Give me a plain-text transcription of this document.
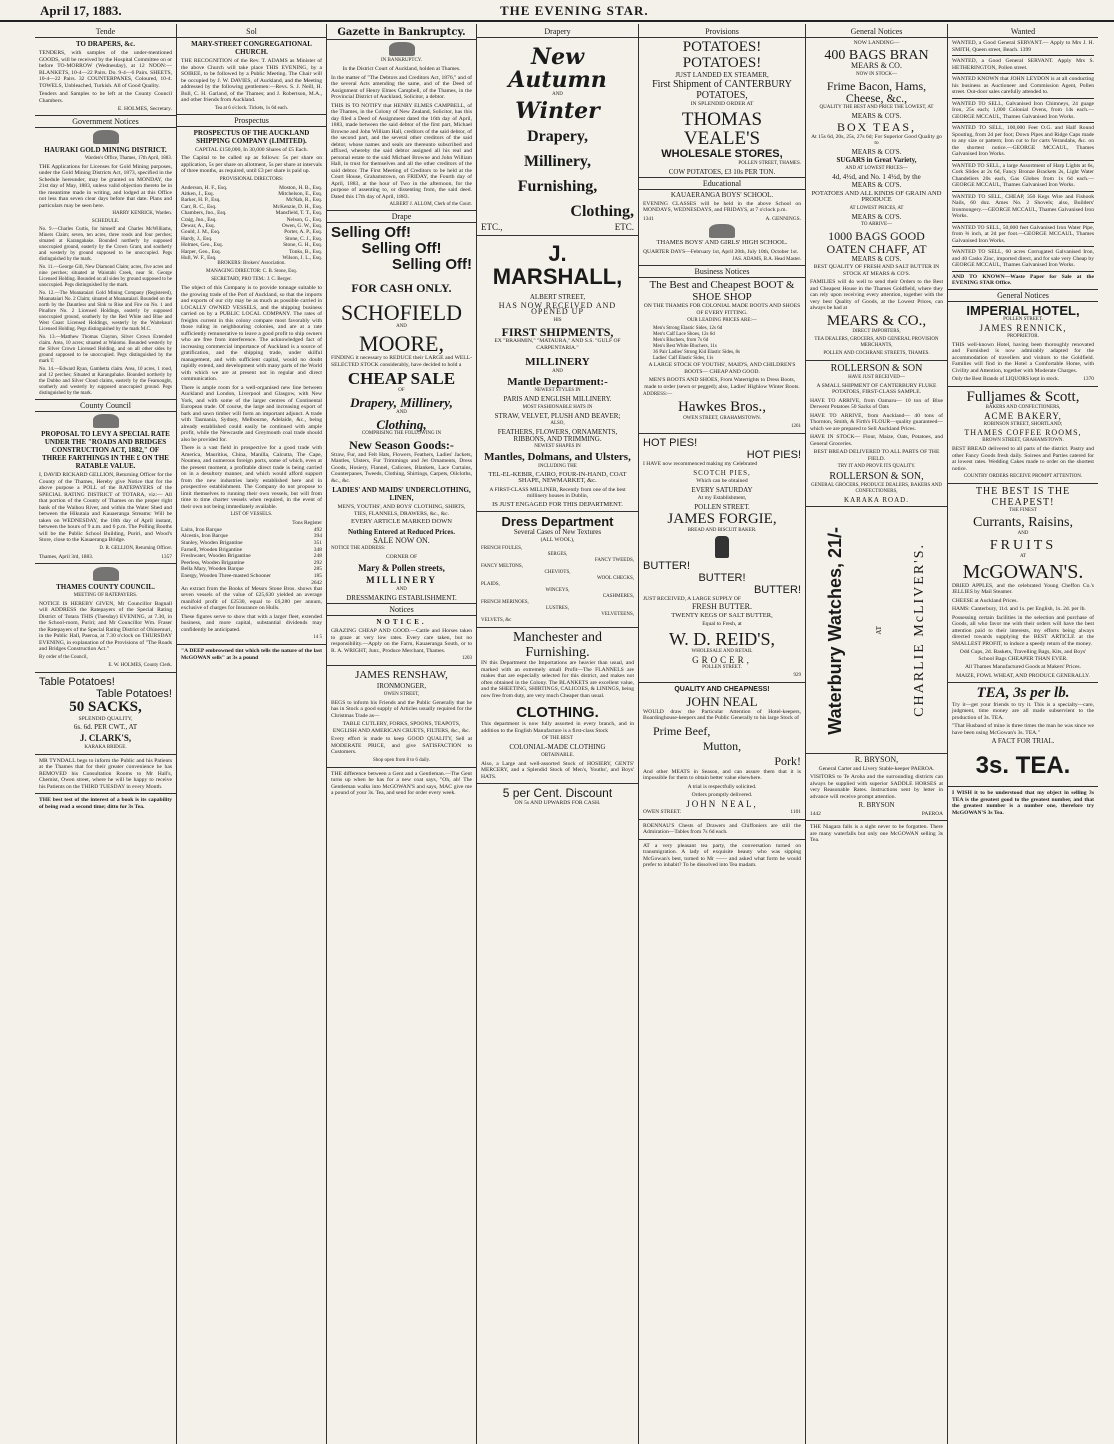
April 17, 1883.	THE EVENING STAR.
Tende
TO DRAPERS, &c.
TENDERS, with samples of the under-mentioned GOODS, will be received by the Hospital Committee on or before TO-MORROW (Wednesday), at 12 NOON:— BLANKETS, 10-4—22 Pairs. Do. 9-4—6 Pairs. SHEETS, 10-4—22 Pairs. 32 COUNTERPANES, Coloured, 10-4. TOWELS, Unbleached, Turkish. All of Good Quality.
Tenders and Samples to be left at the County Council Chambers.
E. HOLMES, Secretary.
Government Notices
HAURAKI GOLD MINING DISTRICT.
Warden's Office, Thames, 17th April, 1883.
THE Applications for Licenses for Gold Mining purposes, under the Gold Mining Districts Act, 1873, specified in the Schedule hereunder, may be granted on MONDAY, the 21st day of May, 1883, unless valid objection thereto be in the meantime made in writing, and lodged at this Office not less than seven clear days before that date. Plans and particulars may be seen here.
HARRY KENRICK, Warden.
SCHEDULE.
No. 9.—Charles Curtis, for himself and Charles McWilliams, Miners Claim; seven, ten acres, three roods and four perches; situated at Karangahake. Bounded northerly by supposed unoccupied ground, easterly by the Crown Grant, and southerly and westerly by ground supposed to be unoccupied. Pegs distinguished by the mark.
No. 11.—George Gill, New Diamond Claim; acres, five acres and nine perches; situated at Waiotahi Creek, near St. George Licensed Holding. Bounded on all sides by ground supposed to be unoccupied. Pegs distinguished by the mark.
No. 12.—The Moanataiari Gold Mining Company (Registered), Moanataiari No. 2 Claim; situated at Moanataiari. Bounded on the north by the Dauntless and Sink to Rise and Fire on No. 1 and Pinafore No. 2 Licensed Holdings, easterly by supposed unoccupied ground, southerly by the Red White and Blue and West Coast Licensed Holdings, westerly by the Waitekauri Licensed Holding. Pegs distinguished by the mark M.C.
No. 13.—Matthew Thomas Clayton, Silver Crown Extended claim. Area, 10 acres; situated at Waiomo. Bounded westerly by the Silver Crown Licensed Holding, and on all other sides by ground supposed to be unoccupied. Pegs distinguished by the mark T.
No. 14.—Edward Ryan, Gambetta claim. Area, 10 acres, 1 rood, and 12 perches; Situated at Karangahake. Bounded northerly by the Dubbo and Silver Cloud claims, easterly by the Fearnought, southerly and westerly by supposed unoccupied ground. Pegs distinguished by the mark.
County Council
PROPOSAL TO LEVY A SPECIAL RATE UNDER THE "ROADS AND BRIDGES CONSTRUCTION ACT, 1882," OF THREE FARTHINGS IN THE £ ON THE RATABLE VALUE.
I, DAVID RICKARD GELLION, Returning Officer for the County of the Thames, Hereby give Notice that for the above purpose a POLL of the RATEPAYERS of the SPECIAL RATING DISTRICT of TOTARA, viz:— All that portion of the County of Thames on the proper right bank of the Waihou River, and within the Water Shed and between the Hikutaia and Kauaeranga Streams: Will be taken on WEDNESDAY, the 18th day of April instant, between the hours of 9 a.m. and 6 p.m. The Polling Booths will be the Public School Building, Puriri, and Wood's Store, close to the Kauaeranga Bridge.
D. R. GELLION, Returning Officer.
Thames, April 3rd, 1883.	1357
THAMES COUNTY COUNCIL.
MEETING OF RATEPAYERS.
NOTICE IS HEREBY GIVEN, Mr Councillor Bagnall will ADDRESS the Ratepayers of the Special Rating District of Totara THIS (Tuesday) EVENING, at 7.30, in the School-room, Puriri; and Mr Councillor Wm. Fraser the Ratepayers of the Special Rating District of Ohinemuri, in the Public Hall, Paeroa, at 7.30 o'clock on THURSDAY EVENING, in explanation of the Provisions of "The Roads and Bridges Construction Act."
By order of the Council,
E. W. HOLMES, County Clerk.
Table Potatoes!
Table Potatoes!
50 SACKS,
SPLENDID QUALITY,
6s. 6d. PER CWT., AT
J. CLARK'S,
KARAKA BRIDGE.
MR TYNDALL begs to inform the Public and his Patients at the Thames that for their greater convenience he has REMOVED his Consultation Rooms to Mr Hall's, Chemist, Owen street, where he will be happy to receive his Patients on the THIRD TUESDAY in every Month.
THE best test of the interest of a book is its capability of being read a second time; ditto for 3s Tea.
Sol
MARY-STREET CONGREGATIONAL CHURCH.
THE RECOGNITION of the Rev. T. ADAMS as Minister of the above Church will take place THIS EVENING, by a SOIREE, to be followed by a Public Meeting. The Chair will be occupied by J. W. DAVIES, of Auckland, and the Meeting addressed by the following gentlemen:—Revs. S. J. Neill, H. Bull, C. H. Garland, of the Thames; and J. Robertson, M.A., and other friends from Auckland.
Tea at 6 o'clock. Tickets, 1s 6d each.
Prospectus
PROSPECTUS OF THE AUCKLAND SHIPPING COMPANY (LIMITED).
CAPITAL £150,000, In 30,000 Shares of £5 Each.
The Capital to be called up as follows: 5s per share on application, 5s per share on allotment, 5s per share at intervals of three months, as required, until £3 per share is paid up.
PROVISIONAL DIRECTORS:
Anderson, H. F., Esq.	Moston, H. B., Esq.
Aitken, J., Esq.	Mitchelson, E., Esq.
Barker, H. P., Esq.	McNab, R., Esq.
Carr, R. C., Esq.	McKenzie, D. H., Esq.
Chambers, Jno., Esq.	Mansfield, T. T., Esq.
Craig, Jno., Esq.	Nelson, G., Esq.
Dewar, A., Esq.	Owen, G. W., Esq.
Gould, J. M., Esq.	Porter, A. P., Esq.
Hardy, J., Esq.	Stone, C. J., Esq.
Holmes, Geo., Esq.	Stone, G. H., Esq.
Harper, Geo., Esq.	Tonks, B., Esq.
Hull, W. F., Esq.	Wilson, J. L., Esq.
BROKERS: Brokers' Association.
MANAGING DIRECTOR: C. B. Stone, Esq.
SECRETARY, PRO TEM.: J. C. Berger.
The object of this Company is to provide tonnage suitable to the growing trade of the Port of Auckland, so that the imports and exports of our city may be as much as possible carried in LOCALLY OWNED VESSELS, and the shipping business carried on by a PUBLIC LOCAL COMPANY. The rates of freights current in this colony compare most favorably with those ruling in neighbouring colonies, and are at a rate sufficiently remunerative to leave a good profit to ship owners who are free from interference. The acknowledged fact of increasing commercial importance of Auckland is a source of gratification, and the shipping trade, under skilful management, and with sufficient capital, would no doubt rapidly extend, and development with many parts of the World with which we are at present not in regular and direct communication.
There is ample room for a well-organised new line between Auckland and London, Liverpool and Glasgow, with New York, and with some of the larger centres of Continental European trade. Of course, the large and increasing export of bark and sawn timber will form an important adjunct. A trade with Tasmania, Sydney, Melbourne, Adelaide, &c., being already established could easily be continued with ample profit, while the Newcastle and Greymouth coal trade should also be provided for.
There is a vast field in prospective for a good trade with America, Mauritius, China, Manilla, Calcutta, The Cape, Noumea, and numerous foreign ports, some of which, even at the present moment, a profitable direct trade is being carried on in a desultory manner, and which would afford support from the new industries lately established here and in prospective establishment. The Company do not propose to limit themselves to running their own vessels, but will from time to time charter vessels when required, in the event of their own not being immediately available.
LIST OF VESSELS.
Tons Register
Laira, Iron Barque	492
Alcestis, Iron Barque	394
Stanley, Wooden Brigantine	351
Farnell, Wooden Brigantine	348
Freshwater, Wooden Brigantine	248
Peerless, Wooden Brigantine	292
Bella Mary, Wooden Barque	285
Energy, Wooden Three-masted Schooner	185
2642
An extract from the Books of Messrs Stone Bros. shows that seven vessels of the value of £25,630 yielded an average manifold profit of £2530, equal to £6,280 per annum, exclusive of charges for Insurance on Hulls.
These figures serve to show that with a larger fleet, extended business, and more capital, substantial dividends may confidently be anticipated.
14 5
"A DEEP embrowned tint which tells the nature of the last McGOWAN sells" at 3s a pound
Gazette in Bankruptcy.
IN BANKRUPTCY.
In the District Court of Auckland, holden at Thames.
In the matter of "The Debtors and Creditors Act, 1876," and of the several Acts amending the same, and of the Deed of Assignment of Henry Elmes Campbell, of the Thames, in the Provincial District of Auckland, Solicitor, a debtor.
THIS IS TO NOTIFY that HENRY ELMES CAMPBELL, of the Thames, in the Colony of New Zealand, Solicitor, has this day filed a Deed of Assignment dated the 16th day of April, 1883, made between the said debtor of the first part, Michael Browne and John William Hall, creditors of the said debtor, of the second part, and the several other creditors of the said debtor, whose names and seals are thereunto subscribed and affixed, whereby the said debtor assigned all his real and personal estate to the said Michael Browne and John William Hall, in trust for themselves and all the other creditors of the said debtor. The First Meeting of Creditors to be held at the Court House, Grahamstown, on FRIDAY, the Fourth day of April, 1883, at the hour of Two in the afternoon, for the purpose of assenting to, or dissenting from, the said deed. Dated this 17th day of April, 1883.
ALBERT J. ALLOM, Clerk of the Court.
Drape
Selling Off!
Selling Off!
Selling Off!
FOR CASH ONLY.
SCHOFIELD
AND
MOORE,
FINDING it necessary to REDUCE their LARGE and WELL-SELECTED STOCK considerably, have decided to hold a
CHEAP SALE
OF
Drapery, Millinery,
AND
Clothing,
COMPRISING THE FOLLOWING IN
New Season Goods:-
Straw, Fur, and Felt Hats, Flowers, Feathers, Ladies' Jackets, Mantles, Ulsters, Fur Trimmings and Jet Ornaments, Dress Goods, Hosiery, Flannel, Calicoes, Blankets, Lace Curtains, Counterpanes, Tweeds, Clothing, Shirtings, Carpets, Oilcloths, &c., &c.
LADIES' AND MAIDS' UNDERCLOTHING, LINEN,
MEN'S, YOUTHS', AND BOYS' CLOTHING, SHIRTS, TIES, FLANNELS, DRAWERS, &c., &c.
EVERY ARTICLE MARKED DOWN
Nothing Entered at Reduced Prices.
SALE NOW ON.
NOTICE THE ADDRESS:
CORNER OF
Mary & Pollen streets,
MILLINERY
AND
DRESSMAKING ESTABLISHMENT.
Notices
NOTICE.
GRAZING CHEAP AND GOOD.—Cattle and Horses taken to graze at very low rates. Every care taken, but no responsibility.—Apply on the Farm, Kauaeranga South, or to R. A. WRIGHT, Junr., Produce Merchant, Thames.
1203
JAMES RENSHAW,
IRONMONGER,
OWEN STREET,
BEGS to inform his Friends and the Public Generally that he has in Stock a good supply of Articles usually required for the Christmas Trade as—
TABLE CUTLERY, FORKS, SPOONS, TEAPOTS, ENGLISH AND AMERICAN CRUETS, FILTERS, &c., &c.
Every effort is made to keep GOOD QUALITY, Sell at MODERATE PRICE, and give SATISFACTION to Customers.
Shop open from 8 to 6 daily.
THE difference between a Gent and a Gentleman.—The Gent turns up when he has for a new coat says, "Oh, ah! The Gentleman walks into McGOWAN'S and says, MAC give me a pound of your 3s. Tea, and send for order every week.
Drapery
New Autumn
AND
Winter
Drapery,
Millinery,
Furnishing,
Clothing,
ETC.,	ETC.
J. MARSHALL,
ALBERT STREET,
HAS NOW RECEIVED AND OPENED UP
HIS
FIRST SHIPMENTS,
EX "BRAHMIN," "MATAURA," AND S.S. "GULF OF CARPENTARIA."
MILLINERY
AND
Mantle Department:-
NEWEST STYLES IN
PARIS AND ENGLISH MILLINERY.
MOST FASHIONABLE HATS IN
STRAW, VELVET, PLUSH AND BEAVER;
ALSO,
FEATHERS, FLOWERS, ORNAMENTS, RIBBONS, AND TRIMMING.
NEWEST SHAPES IN
Mantles, Dolmans, and Ulsters,
INCLUDING THE
TEL-EL-KEBIR, CAIRO, FOUR-IN-HAND, COAT SHAPE, NEWMARKET, &c.
A FIRST-CLASS MILLINER, Recently from one of the best millinery houses in Dublin,
IS JUST ENGAGED FOR THIS DEPARTMENT.
Dress Department
Several Cases of New Textures
(ALL WOOL),
FRENCH FOULES,
SERGES,
FANCY TWEEDS,
FANCY MELTONS,
CHEVIOTS,
WOOL CHECKS,
PLAIDS,
WINCEYS,
CASHMERES,
FRENCH MERINOES,
LUSTRES,
VELVETEENS,
VELVETS, &c
Manchester and Furnishing.
IN this Department the Importations are heavier than usual, and marked with an extremely small Profit—The FLANNELS are makes that are especially selected for this district, and makes not often obtained in the Colony. The BLANKETS are excellent value, and the SHEETING, SHIRTINGS, CALICOES, & LININGS, being now free from duty, are very much Cheaper than usual.
CLOTHING.
This department is now fully assorted in every branch, and in addition to the English Manufacture is a first-class Stock
OF THE BEST
COLONIAL-MADE CLOTHING
OBTAINABLE.
Also, a Large and well-assorted Stock of HOSIERY, GENTS' MERCERY, and a Splendid Stock of Men's, Youths', and Boys' HATS.
5 per Cent. Discount
ON 5s AND UPWARDS FOR CASH.
Provisions
POTATOES! POTATOES!
JUST LANDED EX STEAMER,
First Shipment of CANTERBURY
POTATOES,
IN SPLENDID ORDER AT
THOMAS VEALE'S
WHOLESALE STORES,
POLLEN STREET, THAMES.
COW POTATOES, £3 10s PER TON.
Educational
KAUAERANGA BOYS' SCHOOL.
EVENING CLASSES will be held in the above School on MONDAYS, WEDNESDAYS, and FRIDAYS, at 7 o'clock p.m.
1341	A. GENNINGS.
THAMES BOYS' AND GIRLS' HIGH SCHOOL.
QUARTER DAYS—February 1st, April 20th, July 10th, October 1st.
JAS. ADAMS, B.A. Head Master.
Business Notices
The Best and Cheapest BOOT & SHOE SHOP
ON THE THAMES FOR COLONIAL MADE BOOTS AND SHOES OF EVERY FITTING.
OUR LEADING PRICES ARE:—
Men's Strong Elastic Sides, 12s 6d
Men's Calf Lace Shoes, 12s 6d
Men's Bluchers, from 7s 6d
Men's Best White Bluchers, 11s
36 Pair Ladies' Strong Kid Elastic Sides, 8s
Ladies' Calf Elastic Sides, 11s
A LARGE STOCK OF YOUTHS', MAID'S, AND CHILDREN'S BOOTS— CHEAP AND GOOD.
MEN'S BOOTS AND SHOES, From Watertights to Dress Boots, made to order (sewn or pegged); also, Ladies' Highlow Winter Boots.
ADDRESS:—
Hawkes Bros.,
OWEN STREET, GRAHAMSTOWN.
1261
HOT PIES!
HOT PIES!
I HAVE now recommenced making my Celebrated
SCOTCH PIES,
Which can be obtained
EVERY SATURDAY
At my Establishment,
POLLEN STREET.
JAMES FORGIE,
BREAD AND BISCUIT BAKER.
BUTTER!
BUTTER!
BUTTER!
JUST RECEIVED, A LARGE SUPPLY OF
FRESH BUTTER.
TWENTY KEGS OF SALT BUTTER,
Equal to Fresh, at
W. D. REID'S,
WHOLESALE AND RETAIL
GROCER,
POLLEN STREET.
929
QUALITY AND CHEAPNESS!
JOHN NEAL
WOULD draw the Particular Attention of Hotel-keepers, Boardinghouse-keepers and the Public Generally to his large Stock of
Prime Beef,
Mutton,
Pork!
And other MEATS in Season, and can assure them that it is impossible for them to obtain better value elsewhere.
A trial is respectfully solicited.
Orders promptly delivered.
JOHN NEAL,
OWEN STREET.	1101
ROENNAU'S Chests of Drawers and Chiffoniers are still the Admiration—Tables from 7s 6d each.
AT a very pleasant tea party, the conversation turned on transmigration. A lady of exquisite beauty who was sipping McGowan's best, turned to Mr —— and asked what form he would prefer to inhabit? To be dissolved into Tea madam.
General Notices
NOW LANDING—
400 BAGS BRAN
MEARS & CO.
NOW IN STOCK—
Frime Bacon, Hams, Cheese, &c.,
QUALITY THE BEST AND PRICE THE LOWEST, AT
MEARS & CO'S.
BOX TEAS,
At 15s 6d, 20s, 25s, 27s 6d; For Superior Good Quality go to
MEARS & CO'S.
SUGARS in Great Variety,
AND AT LOWEST PRICES—
4d, 4½d, and No. 1 4½d, by the
MEARS & CO'S.
POTATOES AND ALL KINDS OF GRAIN AND PRODUCE
AT LOWEST PRICES, AT
MEARS & CO'S.
TO ARRIVE—
1000 BAGS GOOD OATEN CHAFF, AT
MEARS & CO'S.
BEST QUALITY OF FRESH AND SALT BUTTER IN STOCK AT MEARS & CO'S.
FAMILIES will do well to send their Orders to the Best and Cheapest House in the Thames Goldfield, where they can rely upon receiving every attention, together with the very best Quality of Goods, at the Lowest Prices, can always be had at
MEARS & CO.,
DIRECT IMPORTERS,
TEA DEALERS, GROCERS, AND GENERAL PROVISION MERCHANTS,
POLLEN AND COCHRANE STREETS, THAMES.
ROLLERSON & SON
HAVE JUST RECEIVED—
A SMALL SHIPMENT OF CANTERBURY FLUKE POTATOES, FIRST-CLASS SAMPLE.
HAVE TO ARRIVE, from Oamaru— 10 ton of Blue Derwent Potatoes 50 Sacks of Oats
HAVE TO ARRIVE, from Auckland— 40 tons of Thornton, Smith, & Firth's FLOUR—quality guaranteed— which we are prepared to Sell Auckland Prices.
HAVE IN STOCK— Flour, Maize, Oats, Potatoes, and General Groceries.
BEST BREAD DELIVERED TO ALL PARTS OF THE FIELD.
TRY IT AND PROVE ITS QUALITY.
ROLLERSON & SON,
GENERAL GROCERS, PRODUCE DEALERS, BAKERS AND CONFECTIONERS,
KARAKA ROAD.
Waterbury Watches, 21/-	AT CHARLIE McLIVER'S.
R. BRYSON,
General Carter and Livery Stable-keeper PAEROA.
VISITORS to Te Aroha and the surrounding districts can always be supplied with superior SADDLE HORSES at very Reasonable Rates. Instructions sent by letter in advance will receive prompt attention.
R. BRYSON
1442	PAEROA
THE Niagara falls is a sight never to be forgotten. There are many waterfalls but only one McGOWAN selling 3s Tea.
Wanted
WANTED, a Good General SERVANT.— Apply to Mrs J. H. SMITH, Queen street, Beach. 1399
WANTED, a Good General SERVANT. Apply Mrs S. HETHERINGTON, Pollen street.
WANTED KNOWN that JOHN LEYDON is at all conducting his business as Auctioneer and Commission Agent, Pollen street. Out-door sales carefully attended to.
WANTED TO SELL, Galvanised Iron Chimneys, 24 guage Iron, 25s each; 1,000 Colonial Ovens, from 14s each.— GEORGE MCCAUL, Thames Galvanised Iron Works.
WANTED TO SELL, 100,000 Feet O.G. and Half Round Spouting, from 2d per foot; Down Pipes and Ridge Caps made to any size or pattern; Iron cut to for carts Verandahs, &c. on the shortest notice.—GEORGE MCCAUL, Thames Galvanised Iron Works.
WANTED TO SELL, a large Assortment of Harp Lights at 6s, Cork Slides at 2s 6d, Fancy Bronze Brackets 2s, Light Water Chandeliers 20s each, Gas Globes from 1s 6d each.—GEORGE MCCAUL, Thames Galvanised Iron Works.
WANTED TO SELL, CHEAP, 350 Kegs Wire and Fishook Nails, 60 doz. Ames No. 2 Shovels; also, Builders' Ironmongery.—GEORGE MCCAUL, Thames Galvanised Iron Works.
WANTED TO SELL, 50,000 feet Galvanised Iron Water Pipe, from ⅜ inch, at 2d per foot.—GEORGE MCCAUL, Thames Galvanised Iron Works.
WANTED TO SELL, 60 acres Corrugated Galvanised Iron, and 40 Casks Zinc, imported direct, and for sale very Cheap by GEORGE MCCAUL, Thames Galvanised Iron Works.
AND TO KNOWN—Waste Paper for Sale at the EVENING STAR Office.
General Notices
IMPERIAL HOTEL,
POLLEN STREET.
JAMES RENNICK,
PROPRIETOR.
THIS well-known Hotel, having been thoroughly renovated and Furnished is now admirably adapted for the accommodation of travellers and visitors to the Goldfield. Families will find in the Hotel a Comfortable Home, with Civility and Attention, together with Moderate Charges.
Only the Best Brands of LIQUORS kept in stock.	1370
Fulljames & Scott,
BAKERS AND CONFECTIONERS,
ACME BAKERY,
ROBINSON STREET, SHORTLAND;
THAMES COFFEE ROOMS,
BROWN STREET, GRAHAMSTOWN.
BEST BREAD delivered to all parts of the district. Pastry and other Fancy Goods fresh daily. Soirees and Parties catered for at lowest rates. Wedding Cakes made to order on the shortest notice.
COUNTRY ORDERS RECEIVE PROMPT ATTENTION.
THE BEST IS THE CHEAPEST!
THE FINEST
Currants, Raisins,
AND
FRUITS
AT
McGOWAN'S.
DRIED APPLES, and the celebrated Young Cheffon Co.'s JELLIES by Mail Steamer.
CHEESE at Auckland Prices.
HAMS: Canterbury, 11d. and 1s. per English, 1s. 2d. per lb.
Possessing certain facilities in the selection and purchase of Goods, all who favor me with their orders will have the best attention paid to their interests, my efforts being always directed towards supplying the BEST ARTICLE at the SMALLEST PROFIT, to induce a speedy return of the money.
Odd Cups, 2d. Baskets, Travelling Bags, Kits, and Boys' School Bags CHEAPER THAN EVER.
All Thames Manufactured Goods at Makers' Prices.
MAIZE, FOWL WHEAT, AND PRODUCE GENERALLY.
TEA, 3s per lb.
Try it—get your friends to try it. This is a specialty—care, judgment, time money are all made subservient to the production of 3s. TEA.
"That Husband of mine is three times the man he was since we have been using McGowan's 3s. TEA."
A FACT FOR TRIAL.
3s. TEA.
I WISH it to be understood that my object in selling 3s TEA is the greatest good to the greatest number, and that the greatest number is a number one, therefore try McGOWAN'S 3s Tea.
